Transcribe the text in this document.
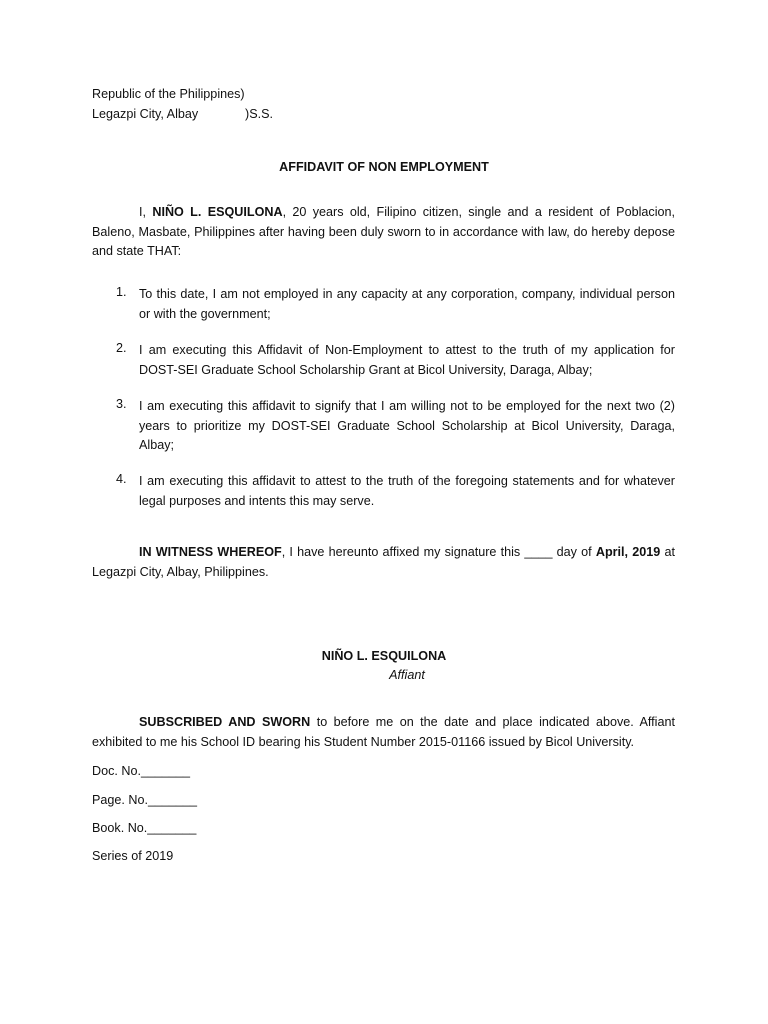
Republic of the Philippines)
Legazpi City, Albay	)S.S.
AFFIDAVIT OF NON EMPLOYMENT
I, NIÑO L. ESQUILONA, 20 years old, Filipino citizen, single and a resident of Poblacion, Baleno, Masbate, Philippines after having been duly sworn to in accordance with law, do hereby depose and state THAT:
1. To this date, I am not employed in any capacity at any corporation, company, individual person or with the government;
2. I am executing this Affidavit of Non-Employment to attest to the truth of my application for DOST-SEI Graduate School Scholarship Grant at Bicol University, Daraga, Albay;
3. I am executing this affidavit to signify that I am willing not to be employed for the next two (2) years to prioritize my DOST-SEI Graduate School Scholarship at Bicol University, Daraga, Albay;
4. I am executing this affidavit to attest to the truth of the foregoing statements and for whatever legal purposes and intents this may serve.
IN WITNESS WHEREOF, I have hereunto affixed my signature this ____ day of April, 2019 at Legazpi City, Albay, Philippines.
NIÑO L. ESQUILONA
Affiant
SUBSCRIBED AND SWORN to before me on the date and place indicated above. Affiant exhibited to me his School ID bearing his Student Number 2015-01166 issued by Bicol University.
Doc. No._______
Page. No._______
Book. No._______
Series of 2019
